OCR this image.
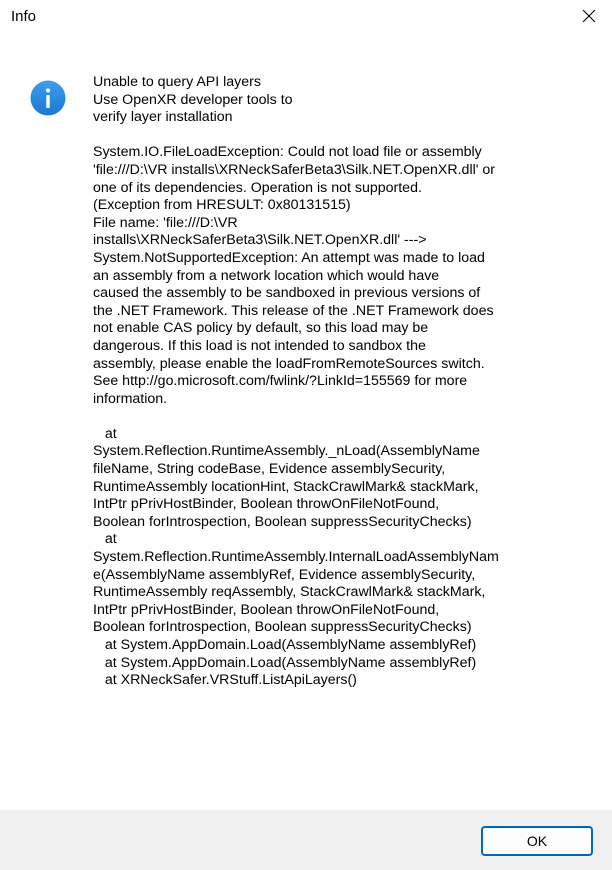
Info
Unable to query API layers
Use OpenXR developer tools to
verify layer installation

System.IO.FileLoadException: Could not load file or assembly
'file:///D:\VR installs\XRNeckSaferBeta3\Silk.NET.OpenXR.dll' or
one of its dependencies. Operation is not supported.
(Exception from HRESULT: 0x80131515)
File name: 'file:///D:\VR
installs\XRNeckSaferBeta3\Silk.NET.OpenXR.dll' --->
System.NotSupportedException: An attempt was made to load
an assembly from a network location which would have
caused the assembly to be sandboxed in previous versions of
the .NET Framework. This release of the .NET Framework does
not enable CAS policy by default, so this load may be
dangerous. If this load is not intended to sandbox the
assembly, please enable the loadFromRemoteSources switch.
See http://go.microsoft.com/fwlink/?LinkId=155569 for more
information.

at
System.Reflection.RuntimeAssembly._nLoad(AssemblyName
fileName, String codeBase, Evidence assemblySecurity,
RuntimeAssembly locationHint, StackCrawlMark& stackMark,
IntPtr pPrivHostBinder, Boolean throwOnFileNotFound,
Boolean forIntrospection, Boolean suppressSecurityChecks)
at
System.Reflection.RuntimeAssembly.InternalLoadAssemblyNam
e(AssemblyName assemblyRef, Evidence assemblySecurity,
RuntimeAssembly reqAssembly, StackCrawlMark& stackMark,
IntPtr pPrivHostBinder, Boolean throwOnFileNotFound,
Boolean forIntrospection, Boolean suppressSecurityChecks)
at System.AppDomain.Load(AssemblyName assemblyRef)
at System.AppDomain.Load(AssemblyName assemblyRef)
at XRNeckSafer.VRStuff.ListApiLayers()
OK
